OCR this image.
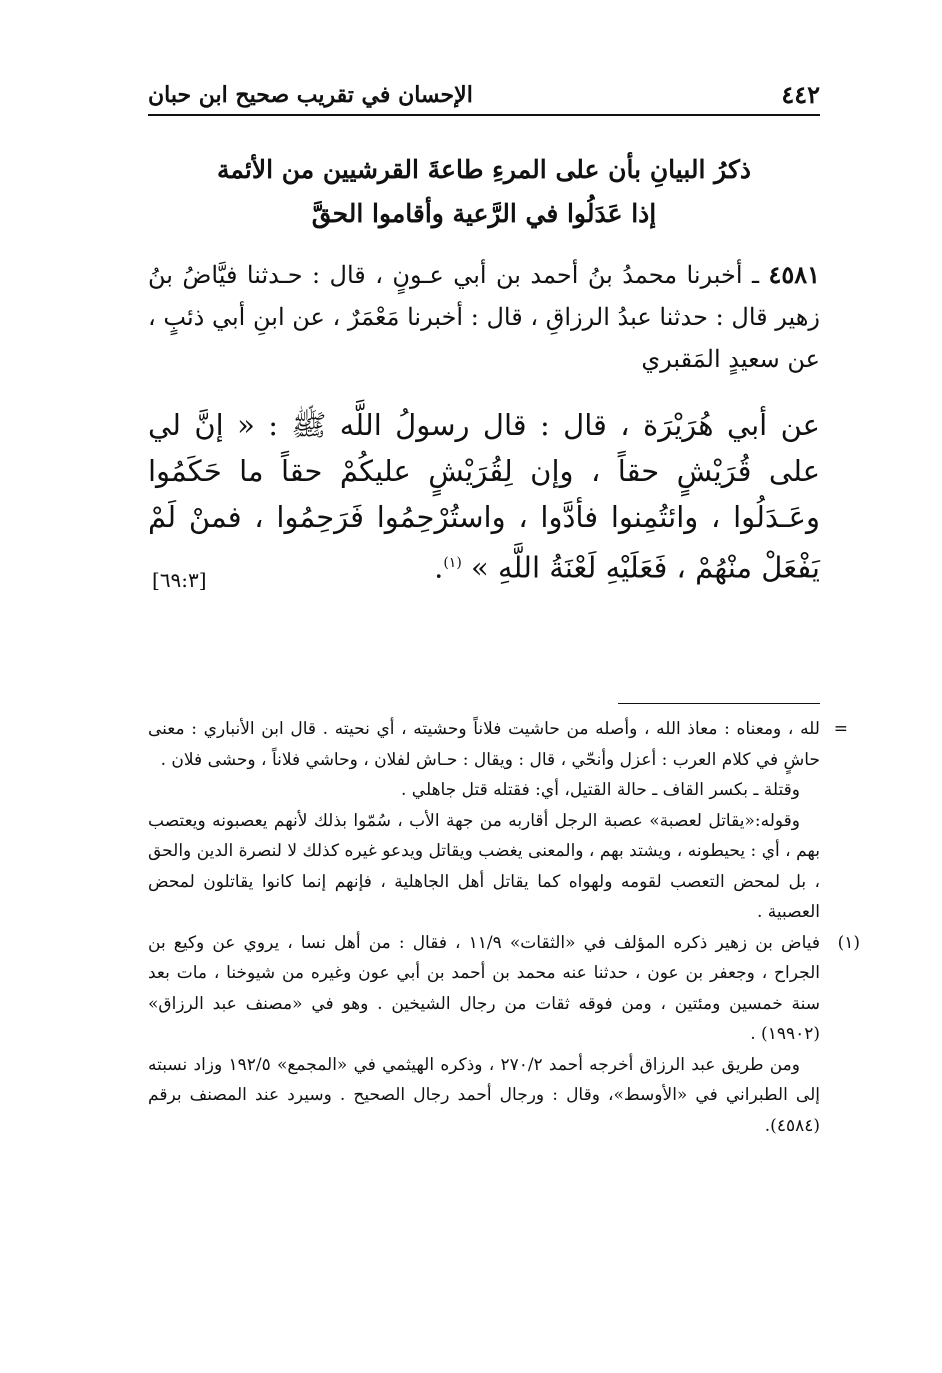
٤٤٢
الإحسان في تقريب صحيح ابن حبان
ذكرُ البيانِ بأن على المرءِ طاعةَ القرشيين من الأئمة
إذا عَدَلُوا في الرَّعية وأقاموا الحقَّ
٤٥٨١ ـ أخبرنا محمدُ بنُ أحمد بن أبي عـونٍ ، قال : حـدثنا فيَّاضُ بنُ زهير قال : حدثنا عبدُ الرزاقِ ، قال : أخبرنا مَعْمَرٌ ، عن ابنِ أبي ذئبٍ ، عن سعيدٍ المَقبري
عن أبي هُرَيْرَة ، قال : قال رسولُ اللَّه ﷺ : « إنَّ لي على قُرَيْشٍ حقاً ، وإن لِقُرَيْشٍ عليكُمْ حقاً ما حَكَمُوا وعَـدَلُوا ، وائتُمِنوا فأدَّوا ، واستُرْحِمُوا فَرَحِمُوا ، فمنْ لَمْ يَفْعَلْ منْهُمْ ، فَعَلَيْهِ لَعْنَةُ اللَّهِ » $^{(١)}$.
[٦٩:٣]

=
لله ، ومعناه : معاذ الله ، وأصله من حاشيت فلاناً وحشيته ، أي نحيته . قال ابن الأنباري : معنى حاشٍ في كلام العرب : أعزل وأنحّي ، قال : ويقال : حـاش لفلان ، وحاشي فلاناً ، وحشى فلان .

وقتلة ـ بكسر القاف ـ حالة القتيل، أي: فقتله قتل جاهلي .

وقوله:«يقاتل لعصبة» عصبة الرجل أقاربه من جهة الأب ، سُمّوا بذلك لأنهم يعصبونه ويعتصب بهم ، أي : يحيطونه ، ويشتد بهم ، والمعنى يغضب ويقاتل ويدعو غيره كذلك لا لنصرة الدين والحق ، بل لمحض التعصب لقومه ولهواه كما يقاتل أهل الجاهلية ، فإنهم إنما كانوا يقاتلون لمحض العصبية .

(١)
فياض بن زهير ذكره المؤلف في «الثقات» ١١/٩ ، فقال : من أهل نسا ، يروي عن وكيع بن الجراح ، وجعفر بن عون ، حدثنا عنه محمد بن أحمد بن أبي عون وغيره من شيوخنا ، مات بعد سنة خمسين ومئتين ، ومن فوقه ثقات من رجال الشيخين . وهو في «مصنف عبد الرزاق» (١٩٩٠٢) .

ومن طريق عبد الرزاق أخرجه أحمد ٢٧٠/٢ ، وذكره الهيثمي في «المجمع» ١٩٢/٥ وزاد نسبته إلى الطبراني في «الأوسط»، وقال : ورجال أحمد رجال الصحيح . وسيرد عند المصنف برقم (٤٥٨٤).
